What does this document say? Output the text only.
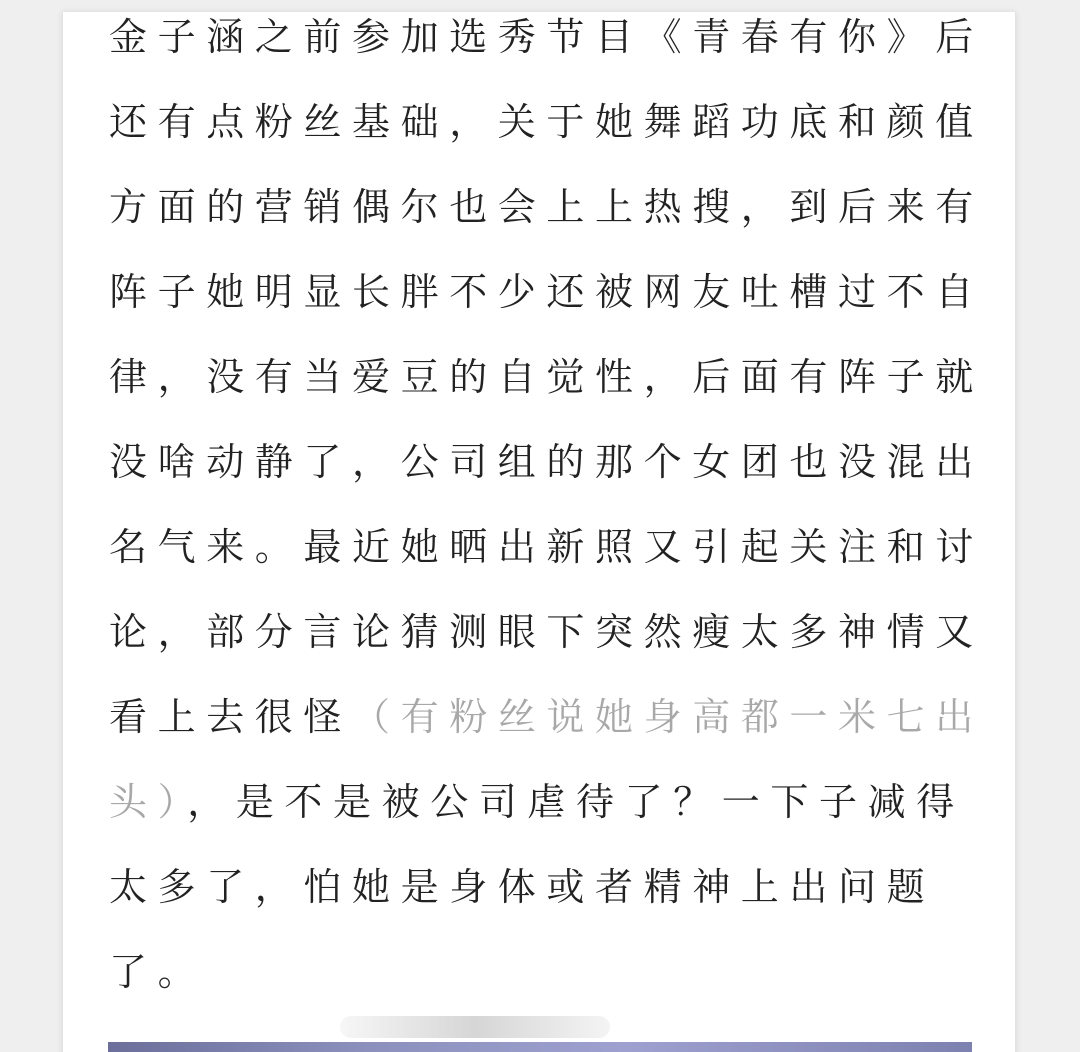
金子涵之前参加选秀节目《青春有你》后
还有点粉丝基础，关于她舞蹈功底和颜值
方面的营销偶尔也会上上热搜，到后来有
阵子她明显长胖不少还被网友吐槽过不自
律，没有当爱豆的自觉性，后面有阵子就
没啥动静了，公司组的那个女团也没混出
名气来。最近她晒出新照又引起关注和讨
论，部分言论猜测眼下突然瘦太多神情又
看上去很怪（有粉丝说她身高都一米七出
头），是不是被公司虐待了？一下子减得
太多了，怕她是身体或者精神上出问题
了。
